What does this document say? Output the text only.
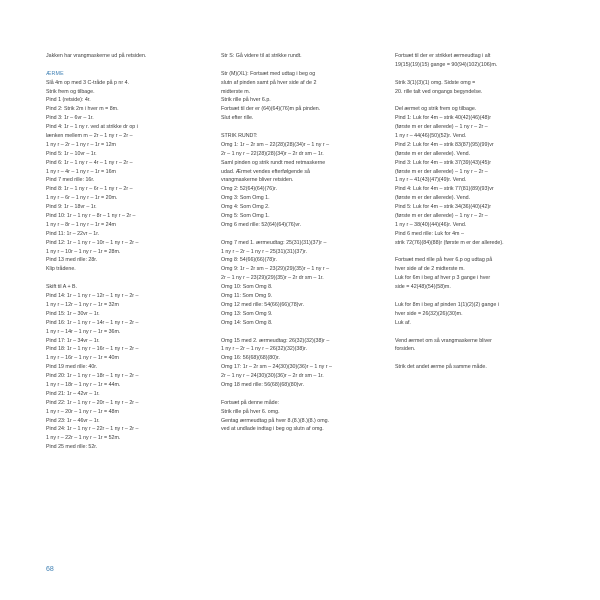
Jakken har vrangmaskerne ud på retsiden.
ÆRME
Slå 4m op med 3 C-tråde på p nr 4.
Strik frem og tilbage.
Pind 1 (retside): 4r.
Pind 2: Strik 2m i hver m = 8m.
Pind 3: 1r – 6vr – 1r.
Pind 4: 1r – 1 ny r. ved at strikke dr op i
lænken mellem m – 2r – 1 ny r – 2r –
1 ny r – 2r – 1 ny r – 1r = 12m
Pind 5: 1r – 10vr – 1r.
Pind 6: 1r – 1 ny r – 4r – 1 ny r – 2r –
1 ny r – 4r – 1 ny r – 1r = 16m
Pind 7 med rille: 16r.
Pind 8: 1r – 1 ny r – 6r – 1 ny r – 2r –
1 ny r – 6r – 1 ny r – 1r = 20m.
Pind 9: 1r – 18vr – 1r.
Pind 10: 1r – 1 ny r – 8r – 1 ny r – 2r –
1 ny r – 8r – 1 ny r – 1r = 24m
Pind 11: 1r – 22vr – 1r.
Pind 12: 1r – 1 ny r – 10r – 1 ny r – 2r –
1 ny r – 10r – 1 ny r – 1r = 28m.
Pind 13 med rille: 28r.
Klip trådene.
Skift til A + B.
Pind 14: 1r – 1 ny r – 12r – 1 ny r – 2r –
1 ny r – 12r – 1 ny r – 1r = 32m
Pind 15: 1r – 30vr – 1r.
Pind 16: 1r – 1 ny r – 14r – 1 ny r – 2r –
1 ny r – 14r – 1 ny r – 1r = 36m.
Pind 17: 1r – 34vr – 1r.
Pind 18: 1r – 1 ny r – 16r – 1 ny r – 2r –
1 ny r – 16r – 1 ny r – 1r = 40m
Pind 19 med rille: 40r.
Pind 20: 1r – 1 ny r – 18r – 1 ny r – 2r –
1 ny r – 18r – 1 ny r – 1r = 44m.
Pind 21: 1r – 42vr – 1r.
Pind 22: 1r – 1 ny r – 20r – 1 ny r – 2r –
1 ny r – 20r – 1 ny r – 1r = 48m
Pind 23: 1r – 46vr – 1r.
Pind 24: 1r – 1 ny r – 22r – 1 ny r – 2r –
1 ny r – 22r – 1 ny r – 1r = 52m.
Pind 25 med rille: 52r.
Str S: Gå videre til at strikke rundt.
Str (M)(XL): Fortsæt med udtag i beg og
slutn af pinden samt på hver side af de 2
midterste m.
Strik rille på hver 6.p.
Fortsæt til der er (64)(64)(76)m på pinden.
Slut efter rille.
STRIK RUNDT:
Omg 1: 1r – 2r sm – 22(28)(28)(34)r – 1 ny r –
2r – 1 ny r – 22(28)(28)(34)r – 2r dr sm – 1r.
Saml pinden og strik rundt med retmaskerne
udad. Ærmet vendes efterfølgende så
vrangmaskerne bliver retsiden.
Omg 2: 52(64)(64)(76)r.
Omg 3: Som Omg 1.
Omg 4: Som Omg 2.
Omg 5: Som Omg 1.
Omg 6 med rille: 52(64)(64)(76)vr.
Omg 7 med 1. ærmeudtag: 25(31)(31)(37)r –
1 ny r – 2r – 1 ny r – 25(31)(31)(37)r.
Omg 8: 54(66)(66)(78)r.
Omg 9: 1r – 2r sm – 23(29)(29)(35)r – 1 ny r –
2r – 1 ny r – 23(29)(29)(35)r – 2r dr sm – 1r.
Omg 10: Som Omg 8.
Omg 11: Som Omg 9.
Omg 12 med rille: 54(66)(66)(78)vr.
Omg 13: Som Omg 9.
Omg 14: Som Omg 8.
Omg 15 med 2. ærmeudtag: 26(32)(32)(38)r –
1 ny r – 2r – 1 ny r – 26(32)(32)(38)r.
Omg 16: 56(68)(68)(80)r.
Omg 17: 1r – 2r sm – 24(30)(30)(36)r – 1 ny r –
2r – 1 ny r – 24(30)(30)(36)r – 2r dr sm – 1r.
Omg 18 med rille: 56(68)(68)(80)vr.
Fortsæt på denne måde:
Strik rille på hver 6. omg.
Gentag ærmeudtag på hver 8.(8.)(8.)(8.) omg.
ved at undlade indtag i beg og slutn af omg.
Fortsæt til der er strikket ærmeudtag i alt
19(15)(19)(15) gange = 90(94)(102)(106)m.
Strik 3(1)(3)(1) omg. Sidste omg =
20. rille talt ved ongangs begyndelse.
Del ærmet og strik frem og tilbage.
Pind 1: Luk for 4m – strik 40(42)(46)(48)r
(første m er der allerede) – 1 ny r – 2r –
1 ny r – 44(46)(50)(52)r. Vend.
Pind 2: Luk for 4m – strik 83(87)(95)(99)vr
(første m er der allerede). Vend.
Pind 3: Luk for 4m – strik 37(39)(43)(45)r
(første m er der allerede) – 1 ny r – 2r –
1 ny r – 41(43)(47)(49)r. Vend.
Pind 4: Luk for 4m – strik 77(81)(89)(93)vr
(første m er der allerede). Vend.
Pind 5: Luk for 4m – strik 34(36)(40)(42)r
(første m er der allerede) – 1 ny r – 2r –
1 ny r – 38(40)(44)(46)r. Vend.
Pind 6 med rille: Luk for 4m –
strik 72(76)(84)(88)r (første m er der allerede).
Fortsæt med rille på hver 6.p og udtag på
hver side af de 2 midterste m.
Luk for 6m i beg af hver p 3 gange i hver
side = 42(48)(54)(58)m.
Luk for 8m i beg af pinden 1(1)(2)(2) gange i
hver side = 26(32)(26)(30)m.
Luk af.
Vend ærmet om så vrangmaskerne bliver
forsiden.
Strik det andet ærme på samme måde.
68
